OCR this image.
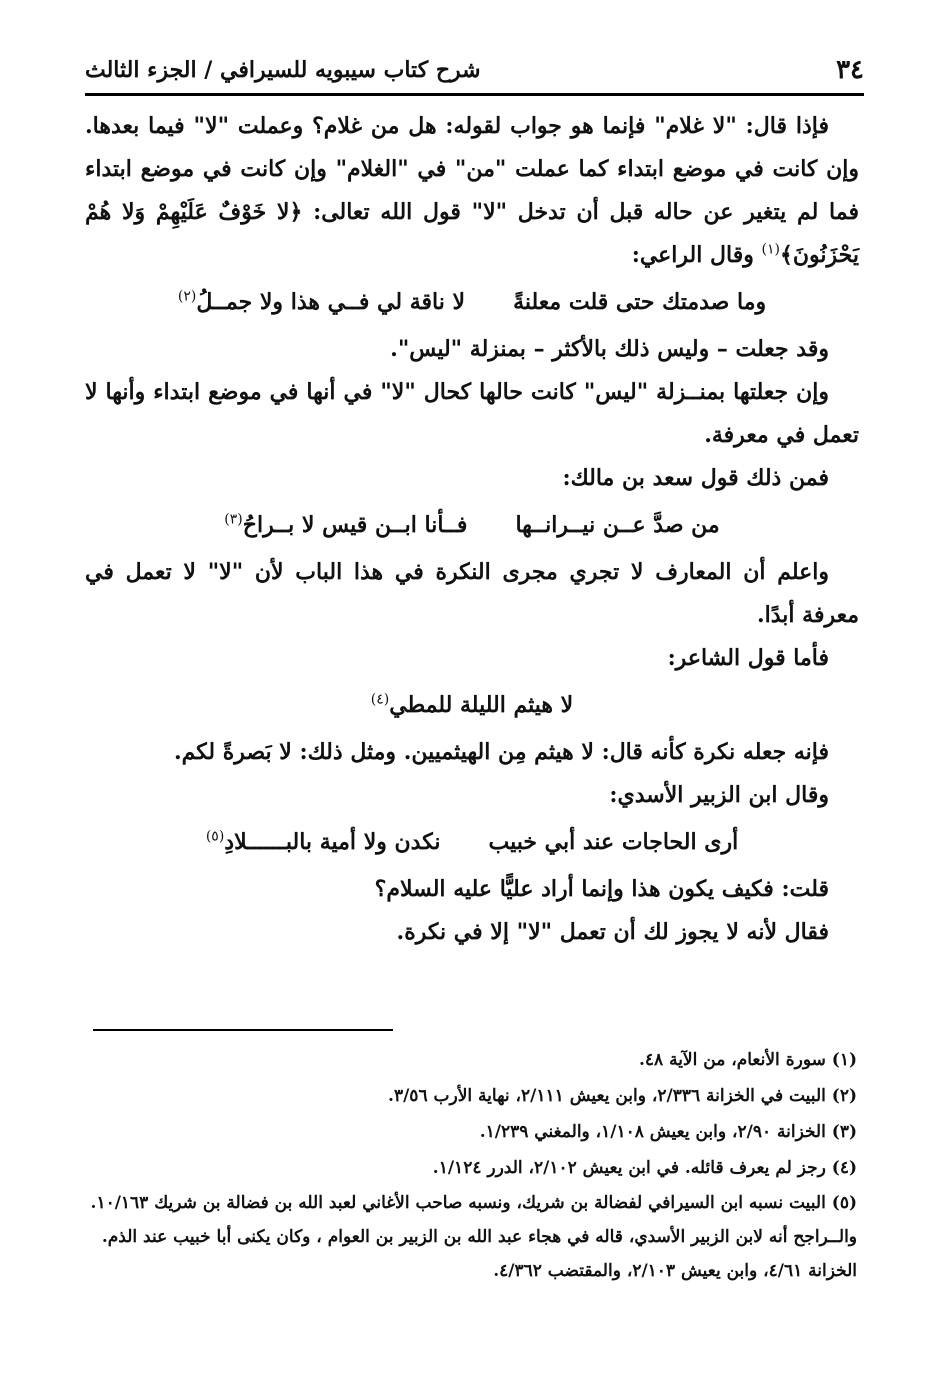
٣٤
شرح كتاب سيبويه للسيرافي / الجزء الثالث

فإذا قال: "لا غلام" فإنما هو جواب لقوله: هل من غلام؟ وعملت "لا" فيما بعدها. وإن كانت في موضع ابتداء كما عملت "من" في "الغلام" وإن كانت في موضع ابتداء فما لم يتغير عن حاله قبل أن تدخل "لا" قول الله تعالى: ﴿لا خَوْفٌ عَلَيْهِمْ وَلا هُمْ يَحْزَنُونَ﴾$^{(١)}$ وقال الراعي:

وما صدمتك حتى قلت معلنةً
لا ناقة لي فــي هذا ولا جمــلُ$^{(٢)}$

وقد جعلت – وليس ذلك بالأكثر – بمنزلة "ليس".

وإن جعلتها بمنــزلة "ليس" كانت حالها كحال "لا" في أنها في موضع ابتداء وأنها لا تعمل في معرفة.

فمن ذلك قول سعد بن مالك:

من صدَّ عــن نيــرانــها
فــأنا ابــن قيس لا بــراحُ$^{(٣)}$

واعلم أن المعارف لا تجري مجرى النكرة في هذا الباب لأن "لا" لا تعمل في معرفة أبدًا.

فأما قول الشاعر:

لا هيثم الليلة للمطي$^{(٤)}$

فإنه جعله نكرة كأنه قال: لا هيثم مِن الهيثميين. ومثل ذلك: لا بَصرةً لكم.

وقال ابن الزبير الأسدي:

أرى الحاجات عند أبي خبيب
نكدن ولا أمية بالبــــــلادِ$^{(٥)}$

قلت: فكيف يكون هذا وإنما أراد عليًّا عليه السلام؟

فقال لأنه لا يجوز لك أن تعمل "لا" إلا في نكرة.

(١) سورة الأنعام، من الآية ٤٨.

(٢) البيت في الخزانة ٢/٣٣٦، وابن يعيش ٢/١١١، نهاية الأرب ٣/٥٦.

(٣) الخزانة ٢/٩٠، وابن يعيش ١/١٠٨، والمغني ١/٢٣٩.

(٤) رجز لم يعرف قائله. في ابن يعيش ٢/١٠٢، الدرر ١/١٢٤.

(٥) البيت نسبه ابن السيرافي لفضالة بن شريك، ونسبه صاحب الأغاني لعبد الله بن فضالة بن شريك ١٠/١٦٣. والــراجح أنه لابن الزبير الأسدي، قاله في هجاء عبد الله بن الزبير بن العوام ، وكان يكنى أبا خبيب عند الذم. الخزانة ٤/٦١، وابن يعيش ٢/١٠٣، والمقتضب ٤/٣٦٢.
